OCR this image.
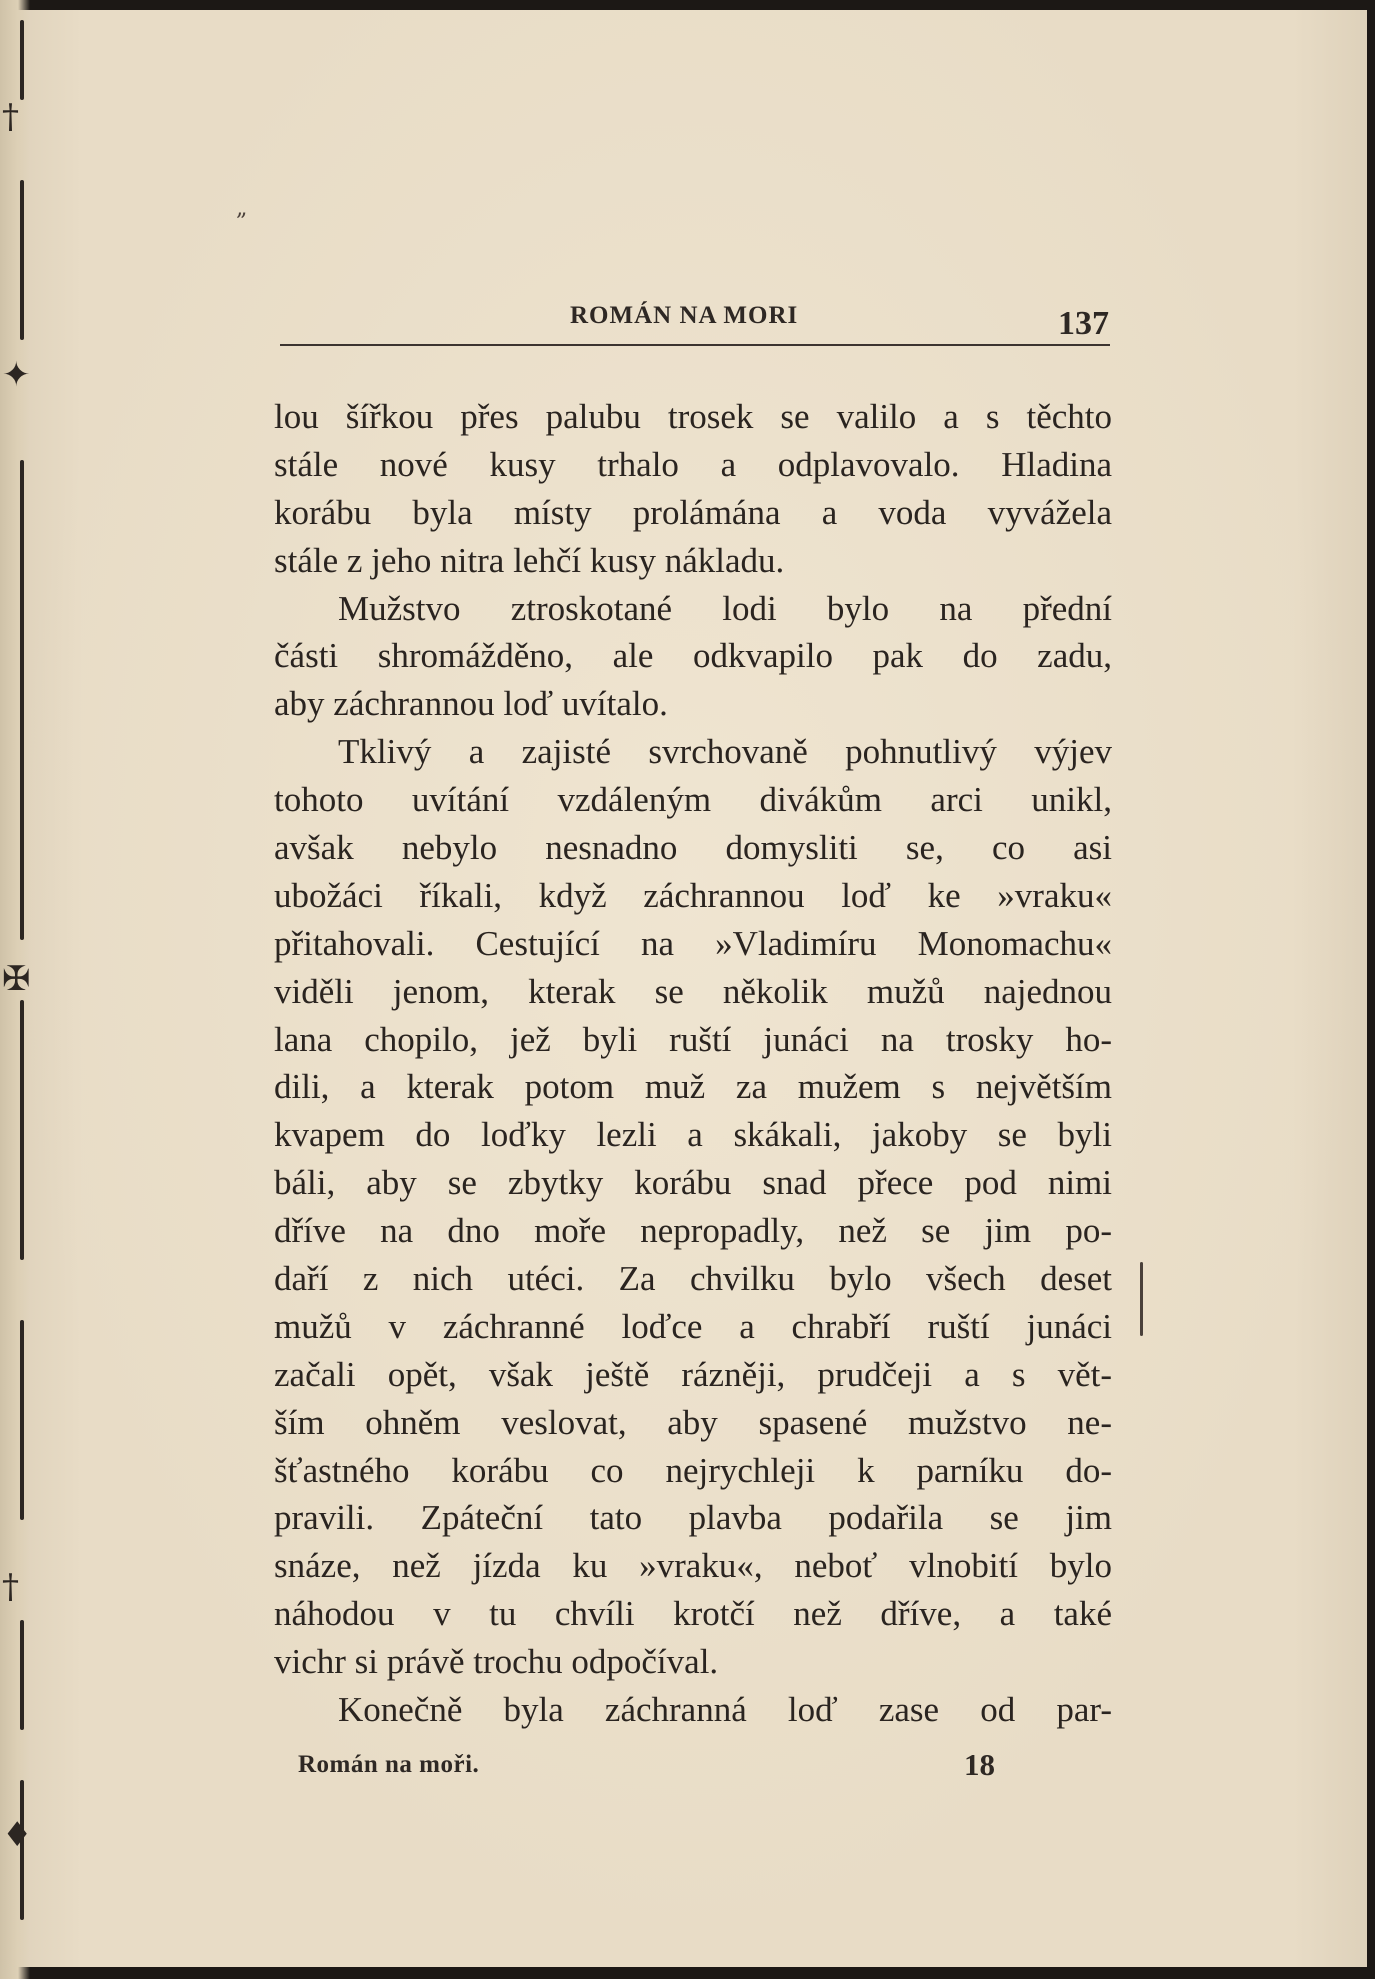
†
✦
✠
†
♦
„
ROMÁN NA MORI	137
lou šířkou přes palubu trosek se valilo a s těchto
stále nové kusy trhalo a odplavovalo. Hladina
korábu byla místy prolámána a voda vyvážela
stále z jeho nitra lehčí kusy nákladu.
Mužstvo ztroskotané lodi bylo na přední
části shromážděno, ale odkvapilo pak do zadu,
aby záchrannou loď uvítalo.
Tklivý a zajisté svrchovaně pohnutlivý výjev
tohoto uvítání vzdáleným divákům arci unikl,
avšak nebylo nesnadno domysliti se, co asi
ubožáci říkali, když záchrannou loď ke »vraku«
přitahovali. Cestující na »Vladimíru Monomachu«
viděli jenom, kterak se několik mužů najednou
lana chopilo, jež byli ruští junáci na trosky ho-
dili, a kterak potom muž za mužem s největším
kvapem do loďky lezli a skákali, jakoby se byli
báli, aby se zbytky korábu snad přece pod nimi
dříve na dno moře nepropadly, než se jim po-
daří z nich utéci. Za chvilku bylo všech deset
mužů v záchranné loďce a chrabří ruští junáci
začali opět, však ještě rázněji, prudčeji a s vět-
ším ohněm veslovat, aby spasené mužstvo ne-
šťastného korábu co nejrychleji k parníku do-
pravili. Zpáteční tato plavba podařila se jim
snáze, než jízda ku »vraku«, neboť vlnobití bylo
náhodou v tu chvíli krotčí než dříve, a také
vichr si právě trochu odpočíval.
Konečně byla záchranná loď zase od par-
Román na moři.	18
